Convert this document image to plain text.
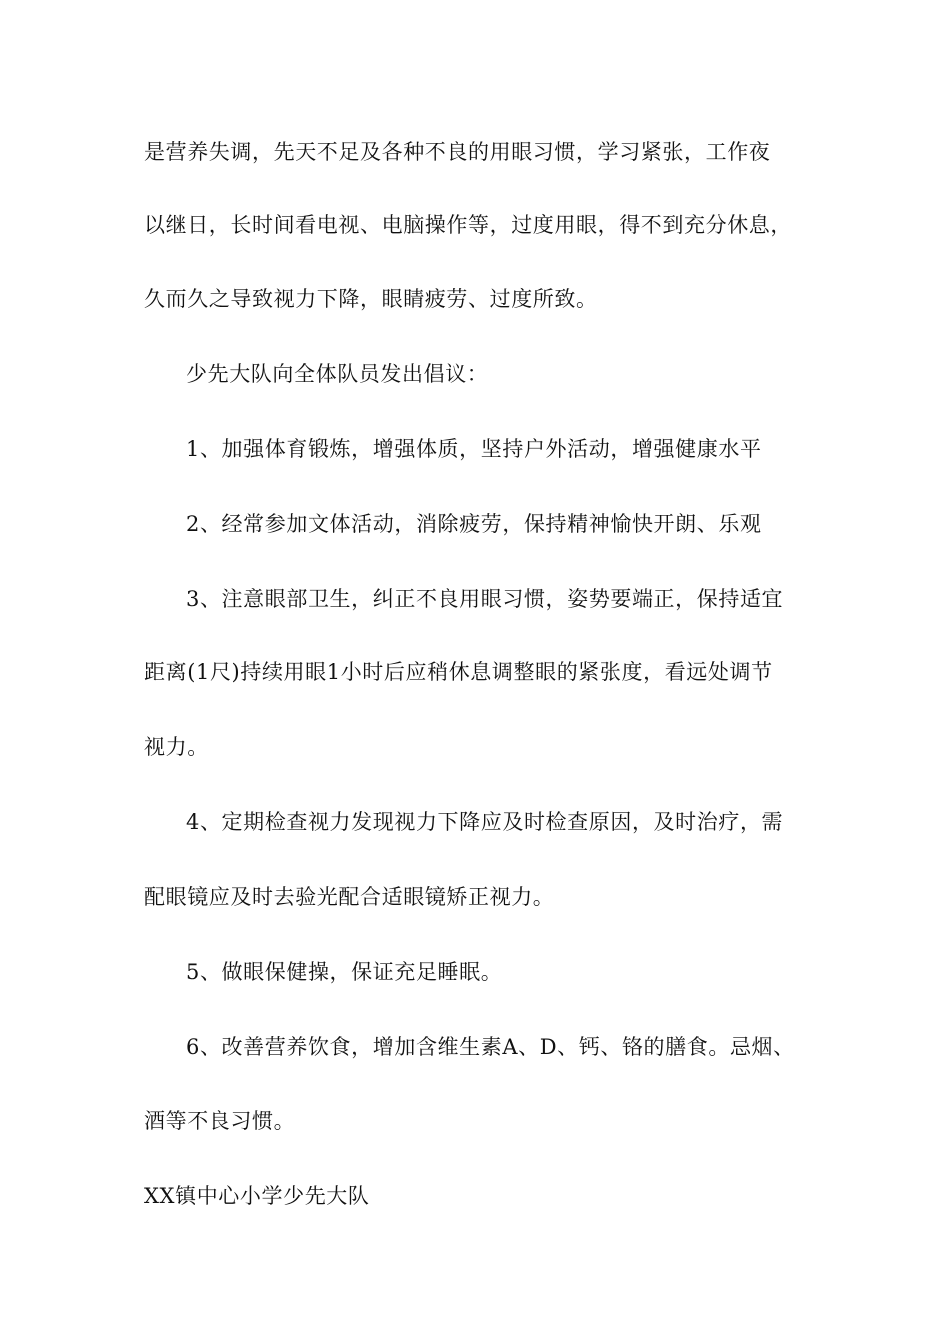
是营养失调，先天不足及各种不良的用眼习惯，学习紧张，工作夜
以继日，长时间看电视、电脑操作等，过度用眼，得不到充分休息，
久而久之导致视力下降，眼睛疲劳、过度所致。
少先大队向全体队员发出倡议：
1、加强体育锻炼，增强体质，坚持户外活动，增强健康水平
2、经常参加文体活动，消除疲劳，保持精神愉快开朗、乐观
3、注意眼部卫生，纠正不良用眼习惯，姿势要端正，保持适宜
距离(1尺)持续用眼1小时后应稍休息调整眼的紧张度，看远处调节
视力。
4、定期检查视力发现视力下降应及时检查原因，及时治疗，需
配眼镜应及时去验光配合适眼镜矫正视力。
5、做眼保健操，保证充足睡眠。
6、改善营养饮食，增加含维生素A、D、钙、铬的膳食。忌烟、
酒等不良习惯。
XX镇中心小学少先大队
